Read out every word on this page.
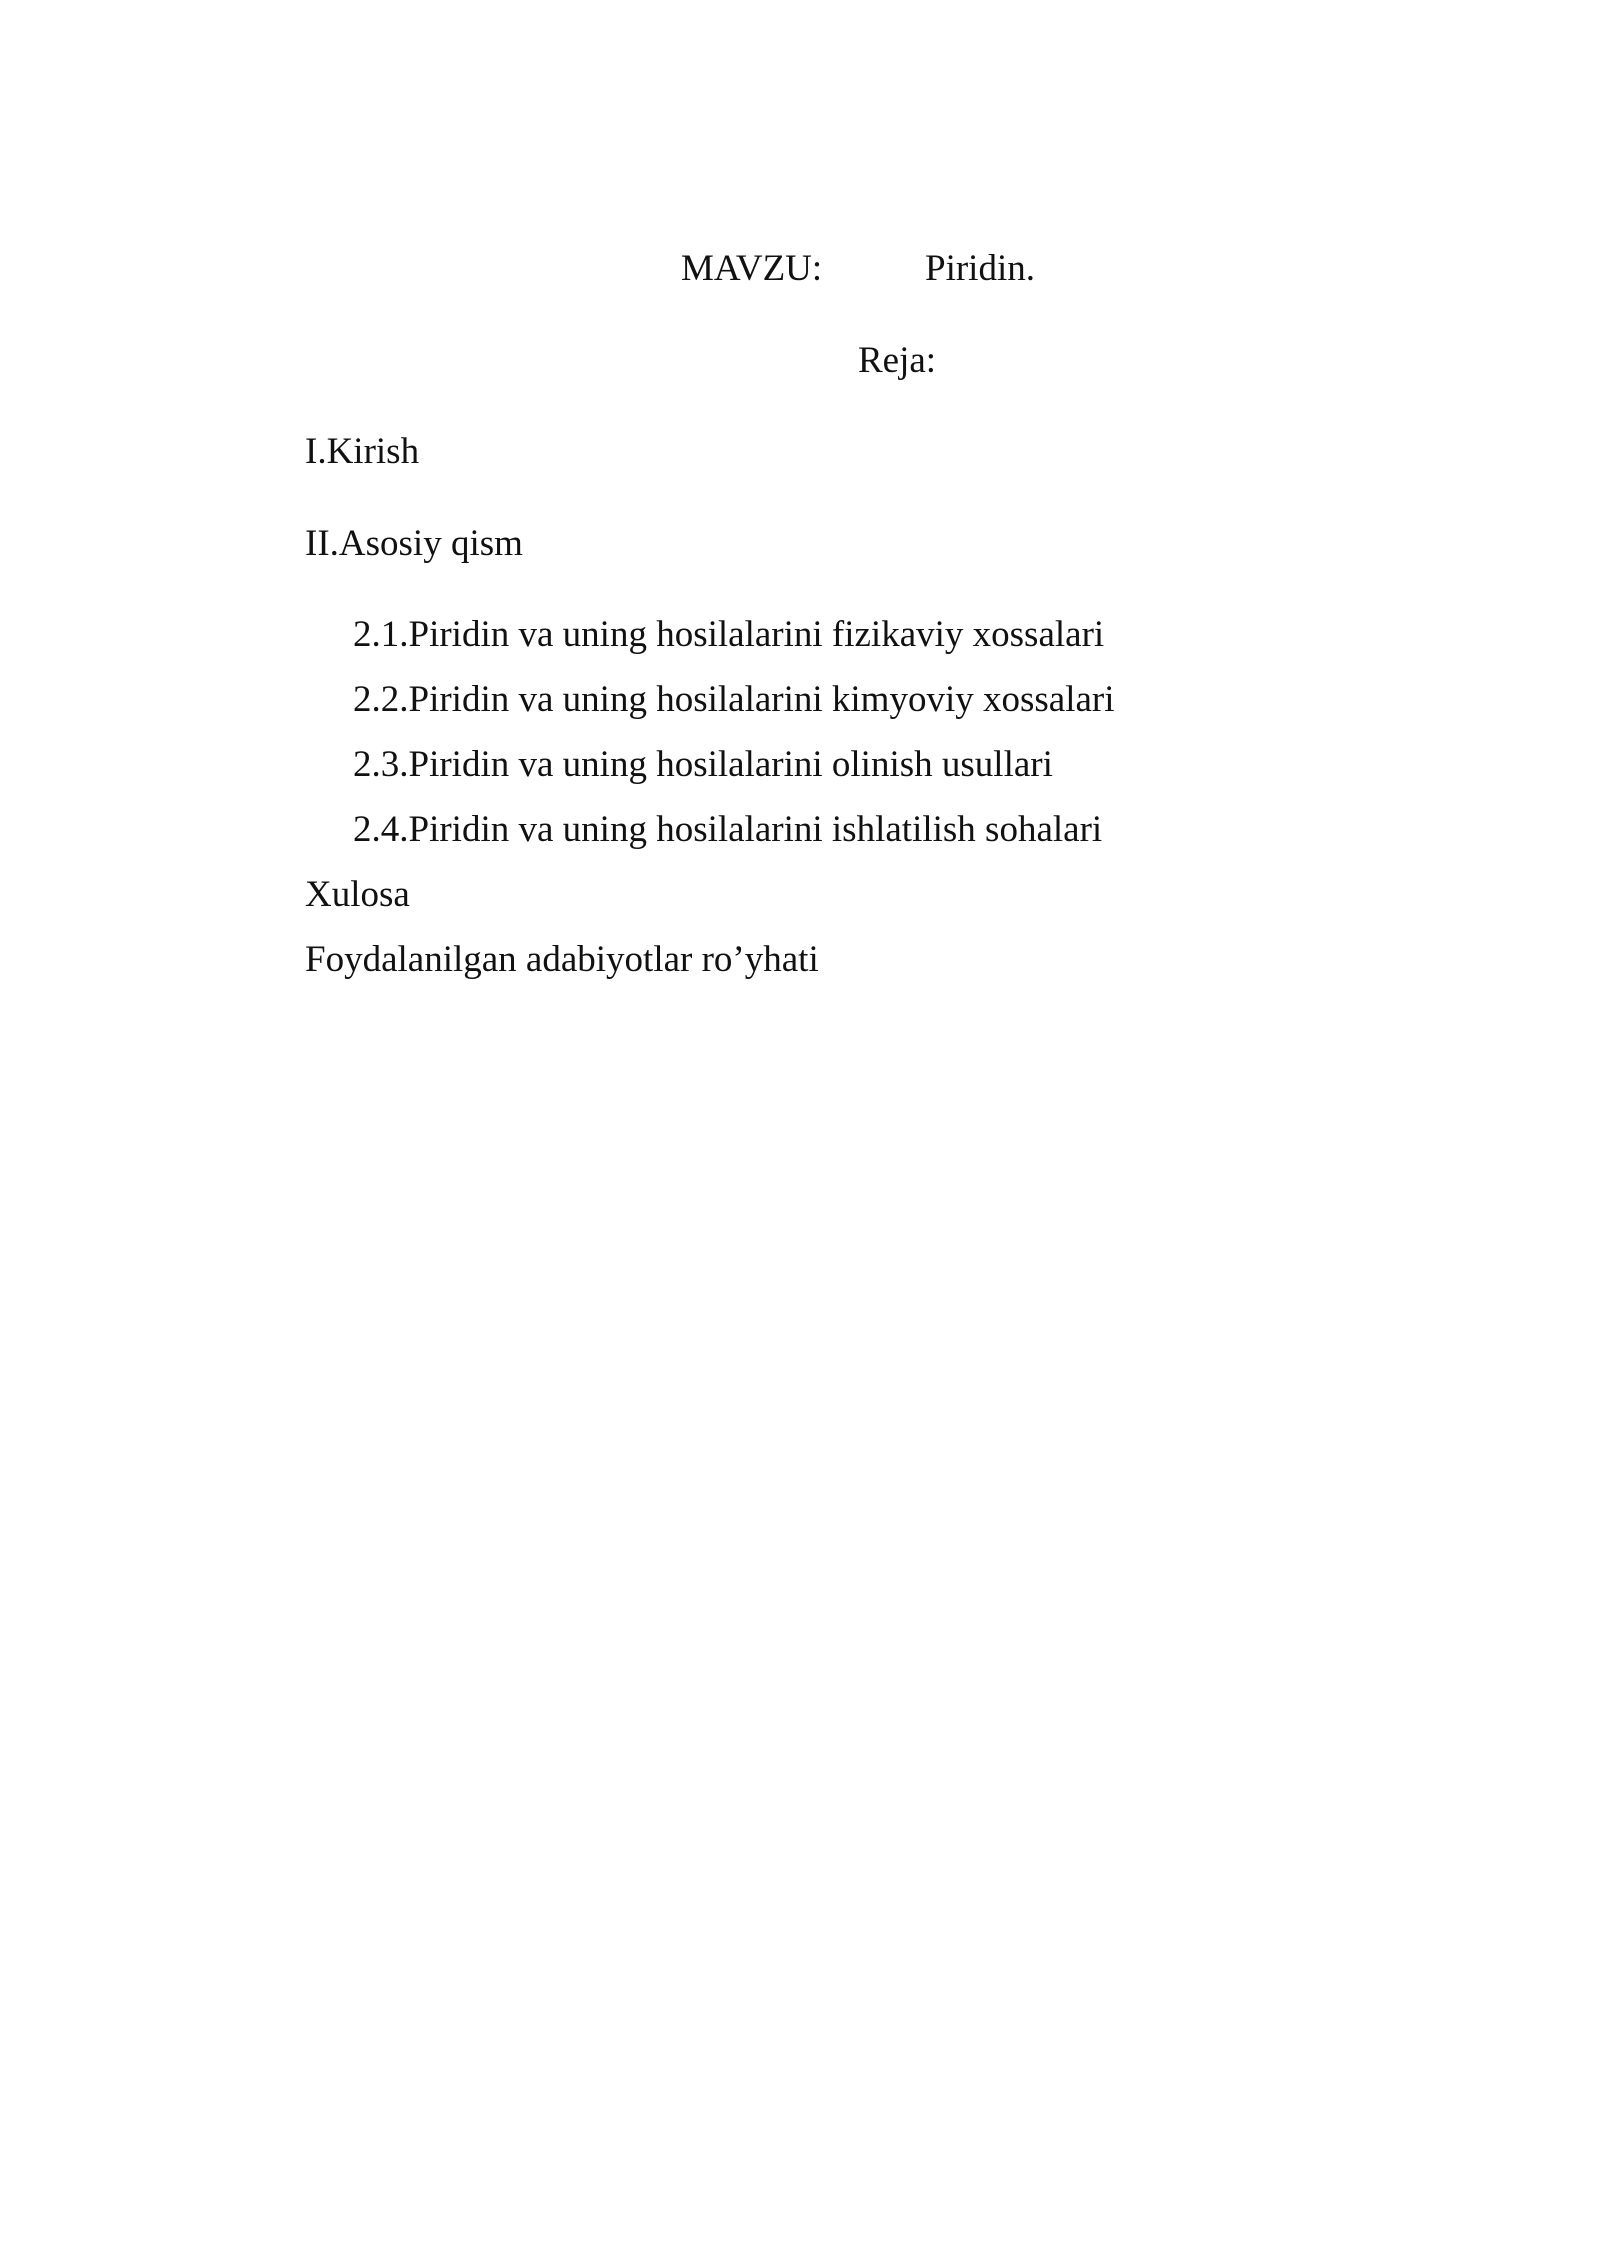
MAVZU:	Piridin.
Reja:
I.Kirish
II.Asosiy qism
2.1.Piridin va uning hosilalarini fizikaviy xossalari
2.2.Piridin va uning hosilalarini kimyoviy xossalari
2.3.Piridin va uning hosilalarini olinish usullari
2.4.Piridin va uning hosilalarini ishlatilish sohalari
Xulosa
Foydalanilgan adabiyotlar ro’yhati
